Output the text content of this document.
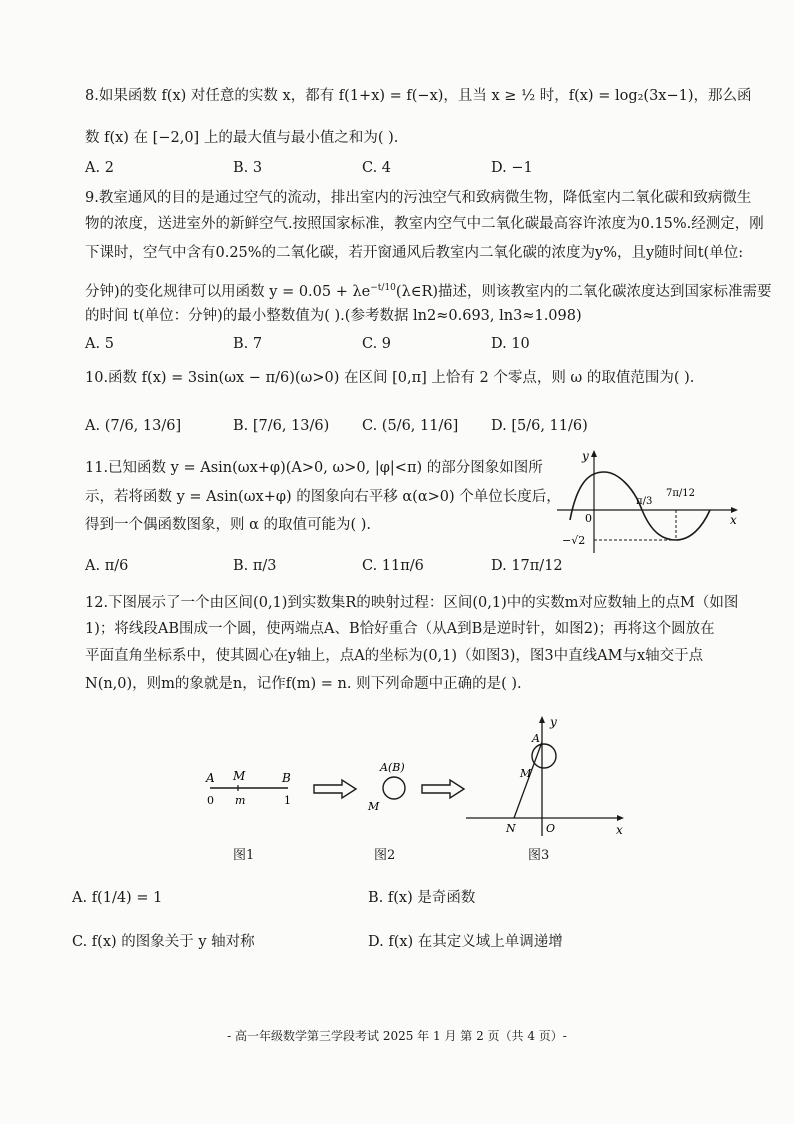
8.如果函数 f(x) 对任意的实数 x，都有 f(1+x) = f(−x)，且当 x ≥ ½ 时，f(x) = log₂(3x−1)，那么函
数 f(x) 在 [−2,0] 上的最大值与最小值之和为( ).
A. 2	B. 3	C. 4	D. −1
9.教室通风的目的是通过空气的流动，排出室内的污浊空气和致病微生物，降低室内二氧化碳和致病微生
物的浓度，送进室外的新鲜空气.按照国家标准，教室内空气中二氧化碳最高容许浓度为0.15%.经测定，刚
下课时，空气中含有0.25%的二氧化碳，若开窗通风后教室内二氧化碳的浓度为y%，且y随时间t(单位:
分钟)的变化规律可以用函数 $y = 0.05 + \lambda e^{-t/10}(\lambda\in R)$描述，则该教室内的二氧化碳浓度达到国家标准需要
的时间 t(单位：分钟)的最小整数值为( ).(参考数据 ln2≈0.693, ln3≈1.098)
A. 5	B. 7	C. 9	D. 10
10.函数 f(x) = 3sin(ωx − π/6)(ω>0) 在区间 [0,π] 上恰有 2 个零点，则 ω 的取值范围为( ).
A. (7/6, 13/6]	B. [7/6, 13/6) C. (5/6, 11/6] D. [5/6, 11/6)
11.已知函数 y = Asin(ωx+φ)(A>0, ω>0, |φ|<π) 的部分图象如图所
示，若将函数 y = Asin(ωx+φ) 的图象向右平移 α(α>0) 个单位长度后，
得到一个偶函数图象，则 α 的取值可能为( ).
A. π/6	B. π/3	C. 11π/6	D. 17π/12
y
x
0
π/3
7π/12
−√2
12.下图展示了一个由区间(0,1)到实数集R的映射过程：区间(0,1)中的实数m对应数轴上的点M（如图
1)；将线段AB围成一个圆，使两端点A、B恰好重合（从A到B是逆时针，如图2)；再将这个圆放在
平面直角坐标系中，使其圆心在y轴上，点A的坐标为(0,1)（如图3)，图3中直线AM与x轴交于点
N(n,0)，则m的象就是n，记作f(m) = n. 则下列命题中正确的是( ).
A M	B
0 m	1
图1
A(B)
M
图2
y
A
M
N	O	x
图3
A. f(1/4) = 1	B. f(x) 是奇函数
C. f(x) 的图象关于 y 轴对称	D. f(x) 在其定义域上单调递增
- 高一年级数学第三学段考试 2025 年 1 月 第 2 页（共 4 页）-
